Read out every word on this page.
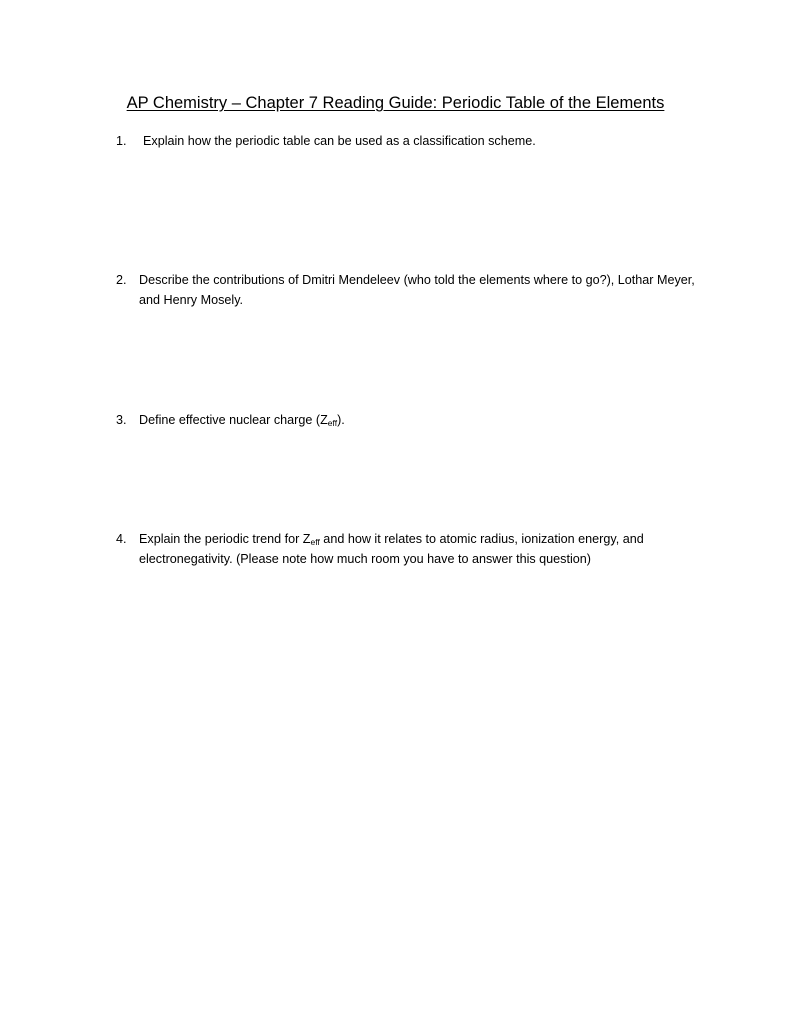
AP Chemistry – Chapter 7 Reading Guide: Periodic Table of the Elements
1. Explain how the periodic table can be used as a classification scheme.
2. Describe the contributions of Dmitri Mendeleev (who told the elements where to go?), Lothar Meyer, and Henry Mosely.
3. Define effective nuclear charge $(Z_{eff})$.
4. Explain the periodic trend for $Z_{eff}$ and how it relates to atomic radius, ionization energy, and electronegativity. (Please note how much room you have to answer this question)
